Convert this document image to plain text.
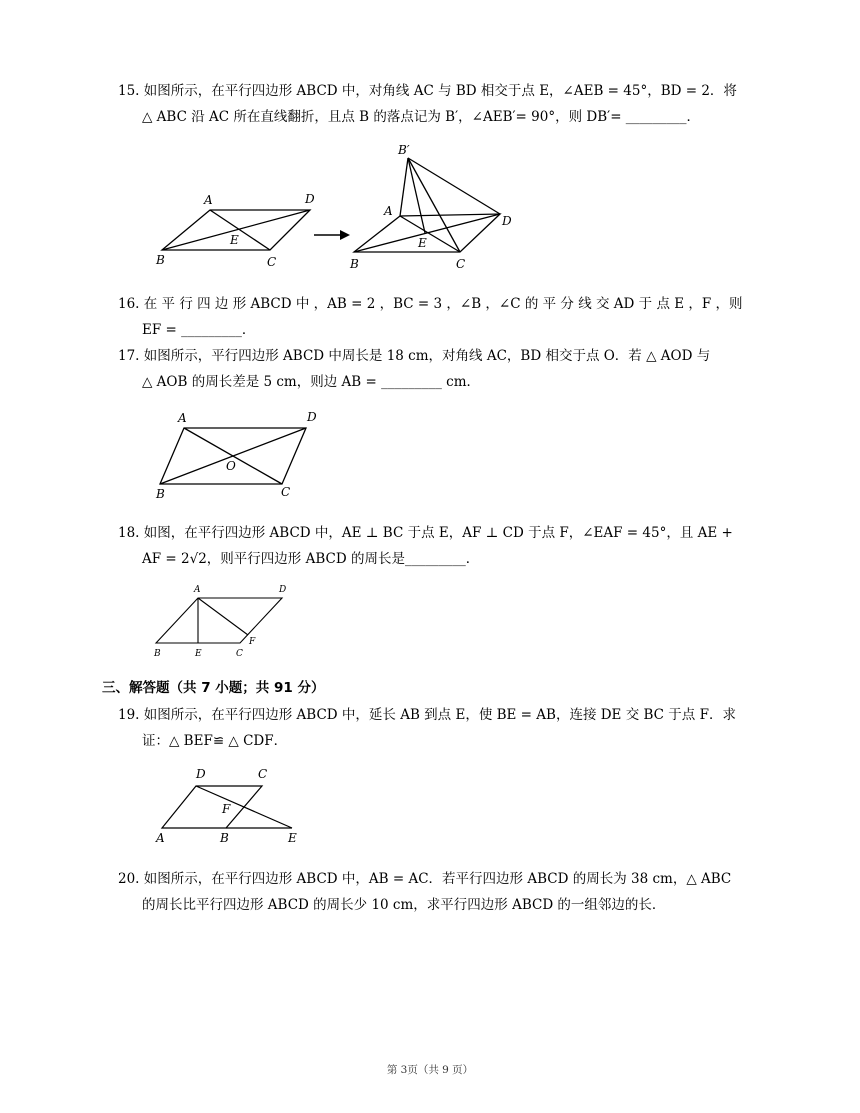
15. 如图所示，在平行四边形 ABCD 中，对角线 AC 与 BD 相交于点 E，∠AEB = 45°，BD = 2．将
△ ABC 沿 AC 所在直线翻折，且点 B 的落点记为 B′，∠AEB′= 90°，则 DB′= _________．
A	D
E
B	C
B′
A
D
E
B	C
16. 在 平 行 四 边 形 ABCD 中 ，AB = 2 ，BC = 3 ，∠B ，∠C 的 平 分 线 交 AD 于 点 E ，F ，则
EF = _________．
17. 如图所示，平行四边形 ABCD 中周长是 18 cm，对角线 AC，BD 相交于点 O．若 △ AOD 与
△ AOB 的周长差是 5 cm，则边 AB = _________ cm．
A	D
O
B	C
18. 如图，在平行四边形 ABCD 中，AE ⊥ BC 于点 E，AF ⊥ CD 于点 F，∠EAF = 45°，且 AE +
AF = 2√2，则平行四边形 ABCD 的周长是_________．
A	D
F
B	E	C
三、解答题（共 7 小题；共 91 分）
19. 如图所示，在平行四边形 ABCD 中，延长 AB 到点 E，使 BE = AB，连接 DE 交 BC 于点 F．求
证：△ BEF≌ △ CDF．
D	C
F
A	B	E
20. 如图所示，在平行四边形 ABCD 中，AB = AC．若平行四边形 ABCD 的周长为 38 cm，△ ABC
的周长比平行四边形 ABCD 的周长少 10 cm，求平行四边形 ABCD 的一组邻边的长．
第 3页（共 9 页）
